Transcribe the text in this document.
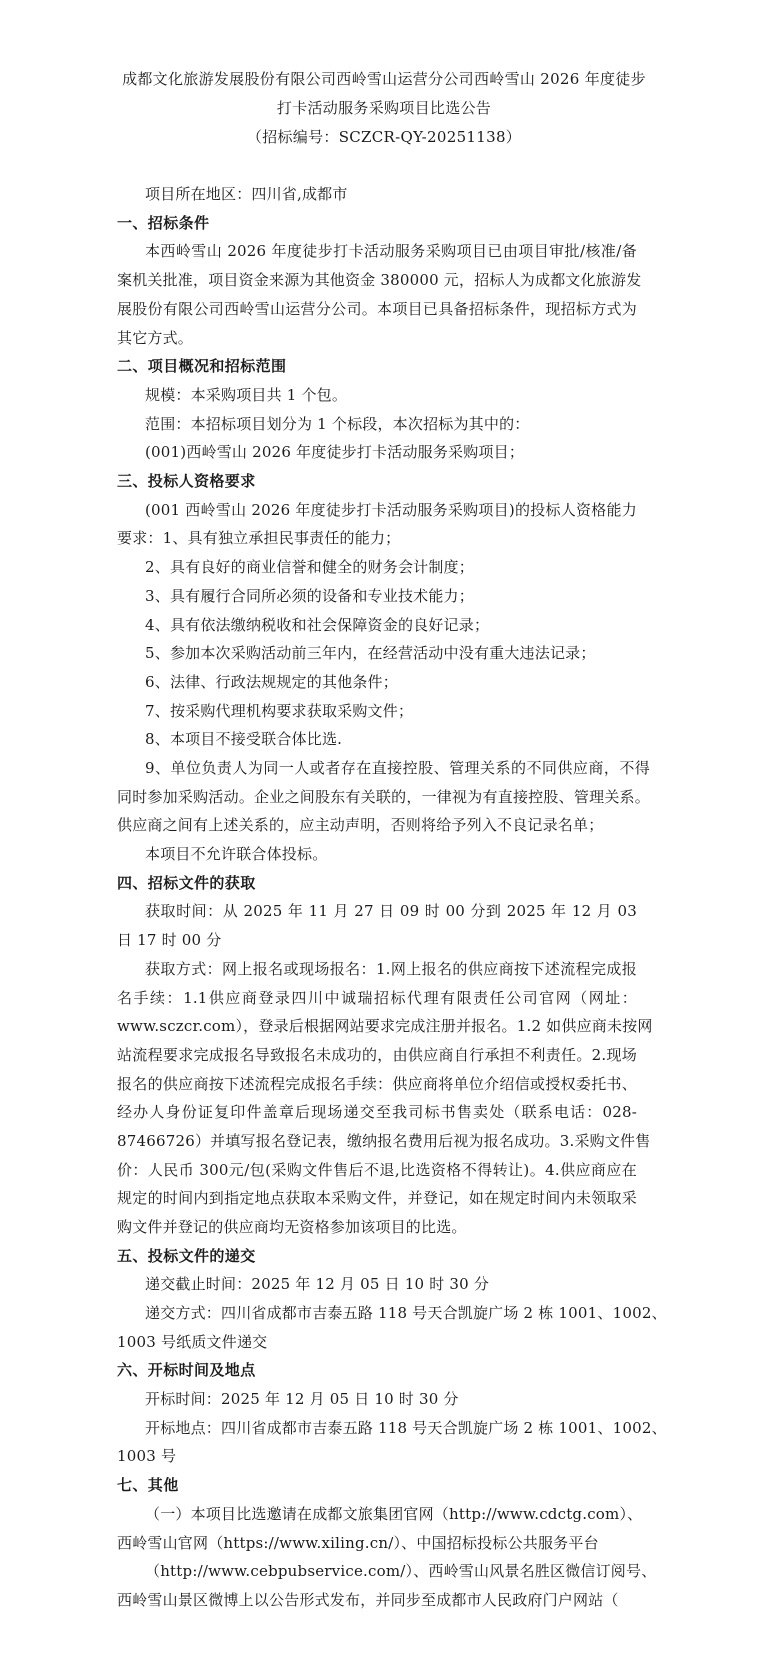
成都文化旅游发展股份有限公司西岭雪山运营分公司西岭雪山 2026 年度徒步
打卡活动服务采购项目比选公告
（招标编号：SCZCR-QY-20251138）
项目所在地区：四川省,成都市
一、招标条件
本西岭雪山 2026 年度徒步打卡活动服务采购项目已由项目审批/核准/备
案机关批准，项目资金来源为其他资金 380000 元，招标人为成都文化旅游发
展股份有限公司西岭雪山运营分公司。本项目已具备招标条件，现招标方式为
其它方式。
二、项目概况和招标范围
规模：本采购项目共 1 个包。
范围：本招标项目划分为 1 个标段，本次招标为其中的：
(001)西岭雪山 2026 年度徒步打卡活动服务采购项目；
三、投标人资格要求
(001 西岭雪山 2026 年度徒步打卡活动服务采购项目)的投标人资格能力
要求：1、具有独立承担民事责任的能力；
2、具有良好的商业信誉和健全的财务会计制度；
3、具有履行合同所必须的设备和专业技术能力；
4、具有依法缴纳税收和社会保障资金的良好记录；
5、参加本次采购活动前三年内，在经营活动中没有重大违法记录；
6、法律、行政法规规定的其他条件；
7、按采购代理机构要求获取采购文件；
8、本项目不接受联合体比选.
9、单位负责人为同一人或者存在直接控股、管理关系的不同供应商，不得
同时参加采购活动。企业之间股东有关联的，一律视为有直接控股、管理关系。
供应商之间有上述关系的，应主动声明，否则将给予列入不良记录名单；
本项目不允许联合体投标。
四、招标文件的获取
获取时间：从 2025 年 11 月 27 日 09 时 00 分到 2025 年 12 月 03
日 17 时 00 分
获取方式：网上报名或现场报名：1.网上报名的供应商按下述流程完成报
名手续：1.1供应商登录四川中诚瑞招标代理有限责任公司官网（网址：
www.sczcr.com），登录后根据网站要求完成注册并报名。1.2 如供应商未按网
站流程要求完成报名导致报名未成功的，由供应商自行承担不利责任。2.现场
报名的供应商按下述流程完成报名手续：供应商将单位介绍信或授权委托书、
经办人身份证复印件盖章后现场递交至我司标书售卖处（联系电话：028-
87466726）并填写报名登记表，缴纳报名费用后视为报名成功。3.采购文件售
价：人民币 300元/包(采购文件售后不退,比选资格不得转让)。4.供应商应在
规定的时间内到指定地点获取本采购文件，并登记，如在规定时间内未领取采
购文件并登记的供应商均无资格参加该项目的比选。
五、投标文件的递交
递交截止时间：2025 年 12 月 05 日 10 时 30 分
递交方式：四川省成都市吉泰五路 118 号天合凯旋广场 2 栋 1001、1002、
1003 号纸质文件递交
六、开标时间及地点
开标时间：2025 年 12 月 05 日 10 时 30 分
开标地点：四川省成都市吉泰五路 118 号天合凯旋广场 2 栋 1001、1002、
1003 号
七、其他
（一）本项目比选邀请在成都文旅集团官网（http://www.cdctg.com）、
西岭雪山官网（https://www.xiling.cn/）、中国招标投标公共服务平台
（http://www.cebpubservice.com/）、西岭雪山风景名胜区微信订阅号、
西岭雪山景区微博上以公告形式发布，并同步至成都市人民政府门户网站（
